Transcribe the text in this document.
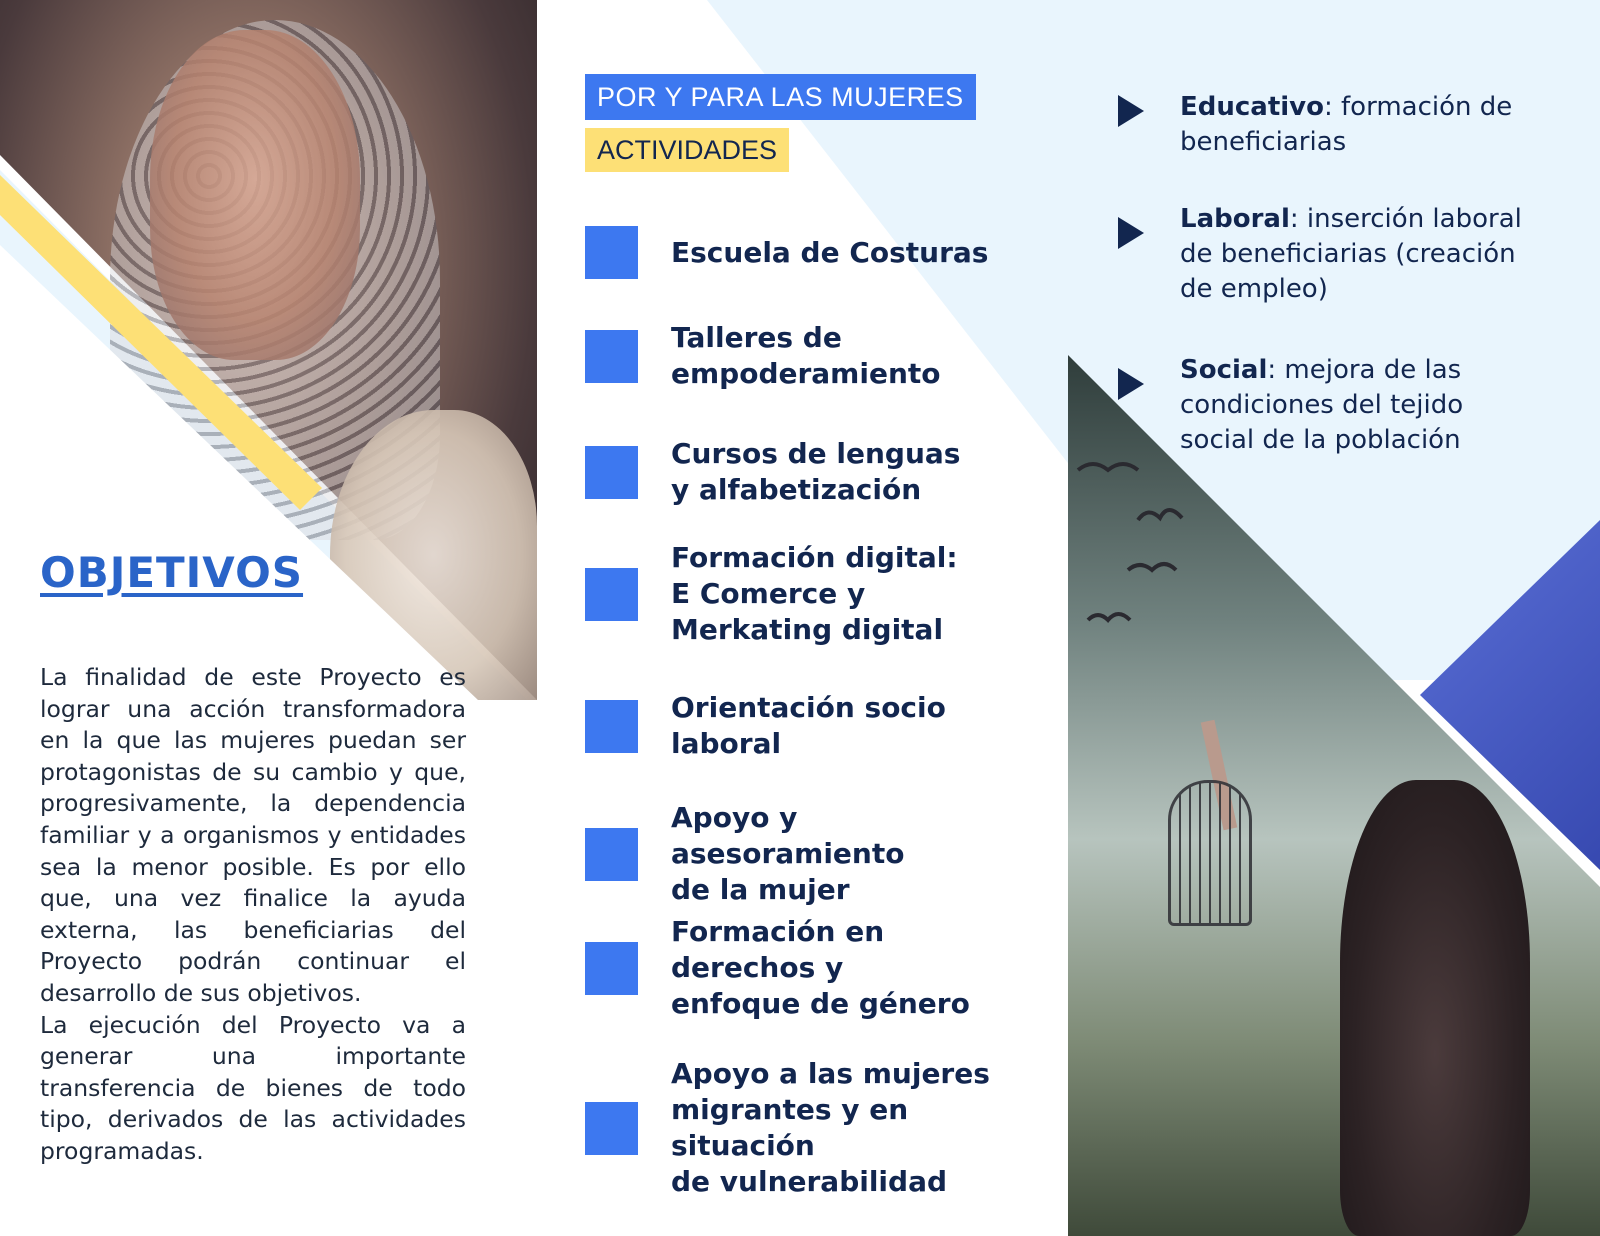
POR Y PARA LAS MUJERES
ACTIVIDADES
Escuela de Costuras
Talleres de
empoderamiento
Cursos de lenguas
y alfabetización
Formación digital:
E Comerce y
Merkating digital
Orientación socio
laboral
Apoyo y asesoramiento
de la mujer
Formación en
derechos y
enfoque de género
Apoyo a las mujeres
migrantes y en situación
de vulnerabilidad
OBJETIVOS

La finalidad de este Proyecto es lograr una acción transformadora en la que las mujeres puedan ser protagonistas de su cambio y que, progresivamente, la dependencia familiar y a organismos y entidades sea la menor posible. Es por ello que, una vez finalice la ayuda externa, las beneficiarias del Proyecto podrán continuar el desarrollo de sus objetivos.

La ejecución del Proyecto va a generar una importante transferencia de bienes de todo tipo, derivados de las actividades programadas.

Educativo: formación de beneficiarias
Laboral: inserción laboral de beneficiarias (creación de empleo)
Social: mejora de las condiciones del tejido social de la población
